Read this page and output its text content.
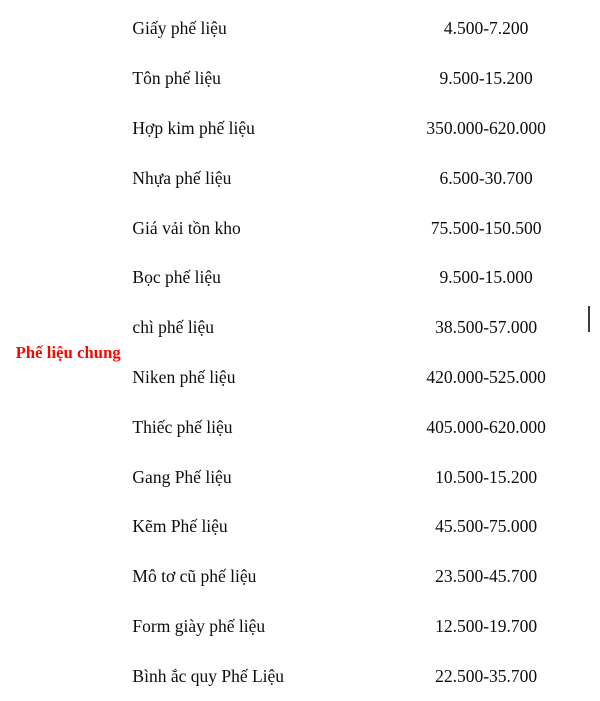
Phế liệu chung	Giấy phế liệu	4.500-7.200
	Tôn phế liệu	9.500-15.200
	Hợp kim phế liệu	350.000-620.000
	Nhựa phế liệu	6.500-30.700
	Giá vải tồn kho	75.500-150.500
	Bọc phế liệu	9.500-15.000
	chì phế liệu	38.500-57.000
	Niken phế liệu	420.000-525.000
	Thiếc phế liệu	405.000-620.000
	Gang Phế liệu	10.500-15.200
	Kẽm Phế liệu	45.500-75.000
	Mô tơ cũ phế liệu	23.500-45.700
	Form giày phế liệu	12.500-19.700
	Bình ắc quy Phế Liệu	22.500-35.700
